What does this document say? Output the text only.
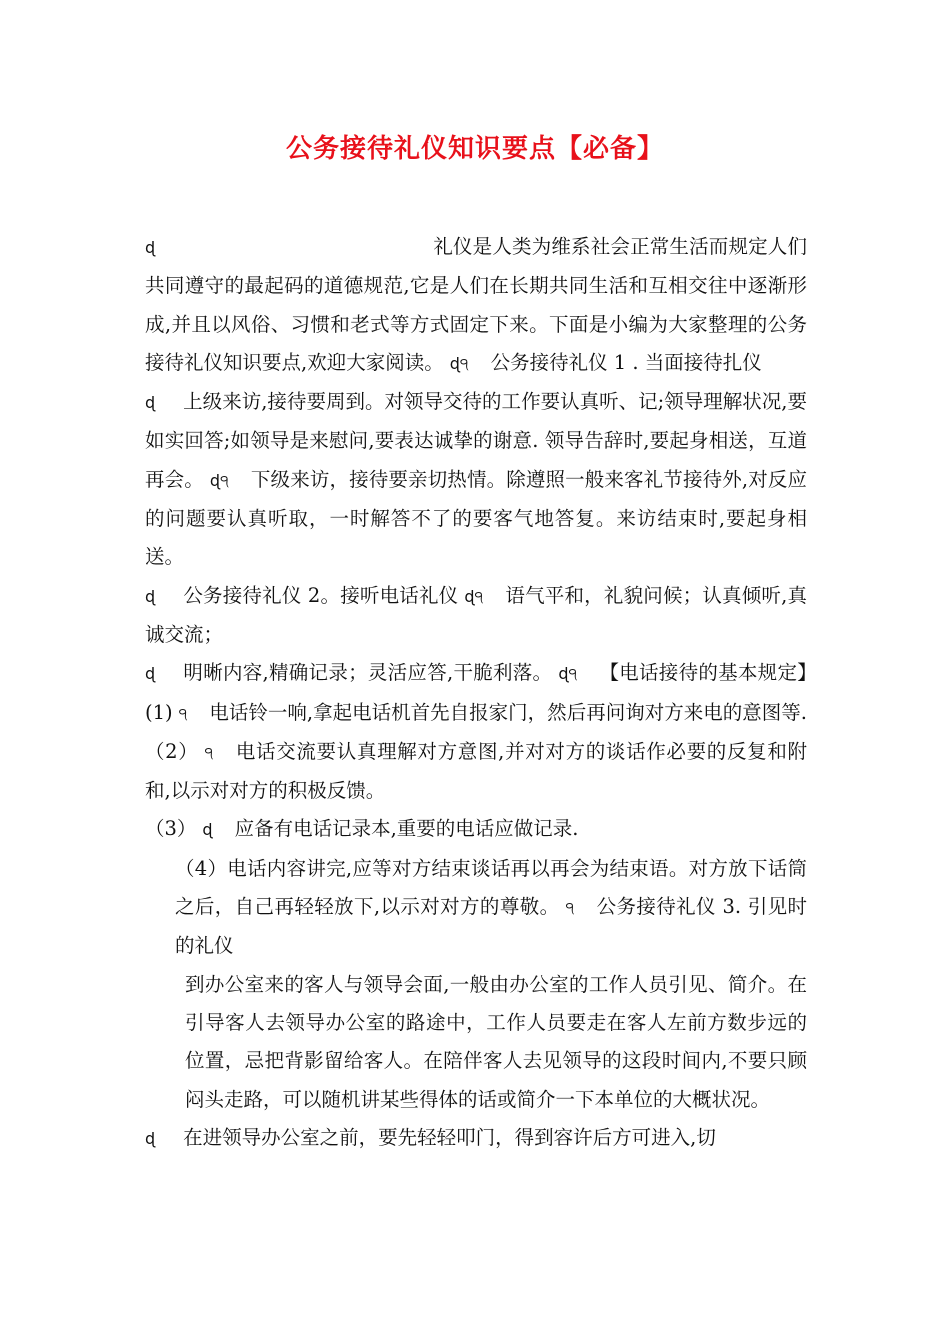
公务接待礼仪知识要点【必备】

ɖ	礼仪是人类为维系社会正常生活而规定人们共同遵守的最起码的道德规范,它是人们在长期共同生活和互相交往中逐渐形成,并且以风俗、习惯和老式等方式固定下来。下面是小编为大家整理的公务接待礼仪知识要点,欢迎大家阅读。 ɖ੧ 公务接待礼仪 1 . 当面接待扎仪

ɖ 上级来访,接待要周到。对领导交待的工作要认真听、记;领导理解状况,要如实回答;如领导是来慰问,要表达诚挚的谢意. 领导告辞时,要起身相送，互道再会。 ɖ੧ 下级来访，接待要亲切热情。除遵照一般来客礼节接待外,对反应的问题要认真听取，一时解答不了的要客气地答复。来访结束时,要起身相送。

ɖ 公务接待礼仪 2。接听电话礼仪 ɖ੧ 语气平和，礼貌问候；认真倾听,真诚交流；

ɖ 明晰内容,精确记录；灵活应答,干脆利落。 ɖ੧ 【电话接待的基本规定】(1) ੧ 电话铃一响,拿起电话机首先自报家门，然后再问询对方来电的意图等. （2） ੧ 电话交流要认真理解对方意图,并对对方的谈话作必要的反复和附和,以示对对方的积极反馈。

（3） ɖ 应备有电话记录本,重要的电话应做记录.

（4）电话内容讲完,应等对方结束谈话再以再会为结束语。对方放下话筒之后，自己再轻轻放下,以示对对方的尊敬。 ੧ 公务接待礼仪 3. 引见时的礼仪

到办公室来的客人与领导会面,一般由办公室的工作人员引见、简介。在引导客人去领导办公室的路途中，工作人员要走在客人左前方数步远的位置，忌把背影留给客人。在陪伴客人去见领导的这段时间内,不要只顾闷头走路，可以随机讲某些得体的话或简介一下本单位的大概状况。

ɖ 在进领导办公室之前，要先轻轻叩门，得到容许后方可进入,切
